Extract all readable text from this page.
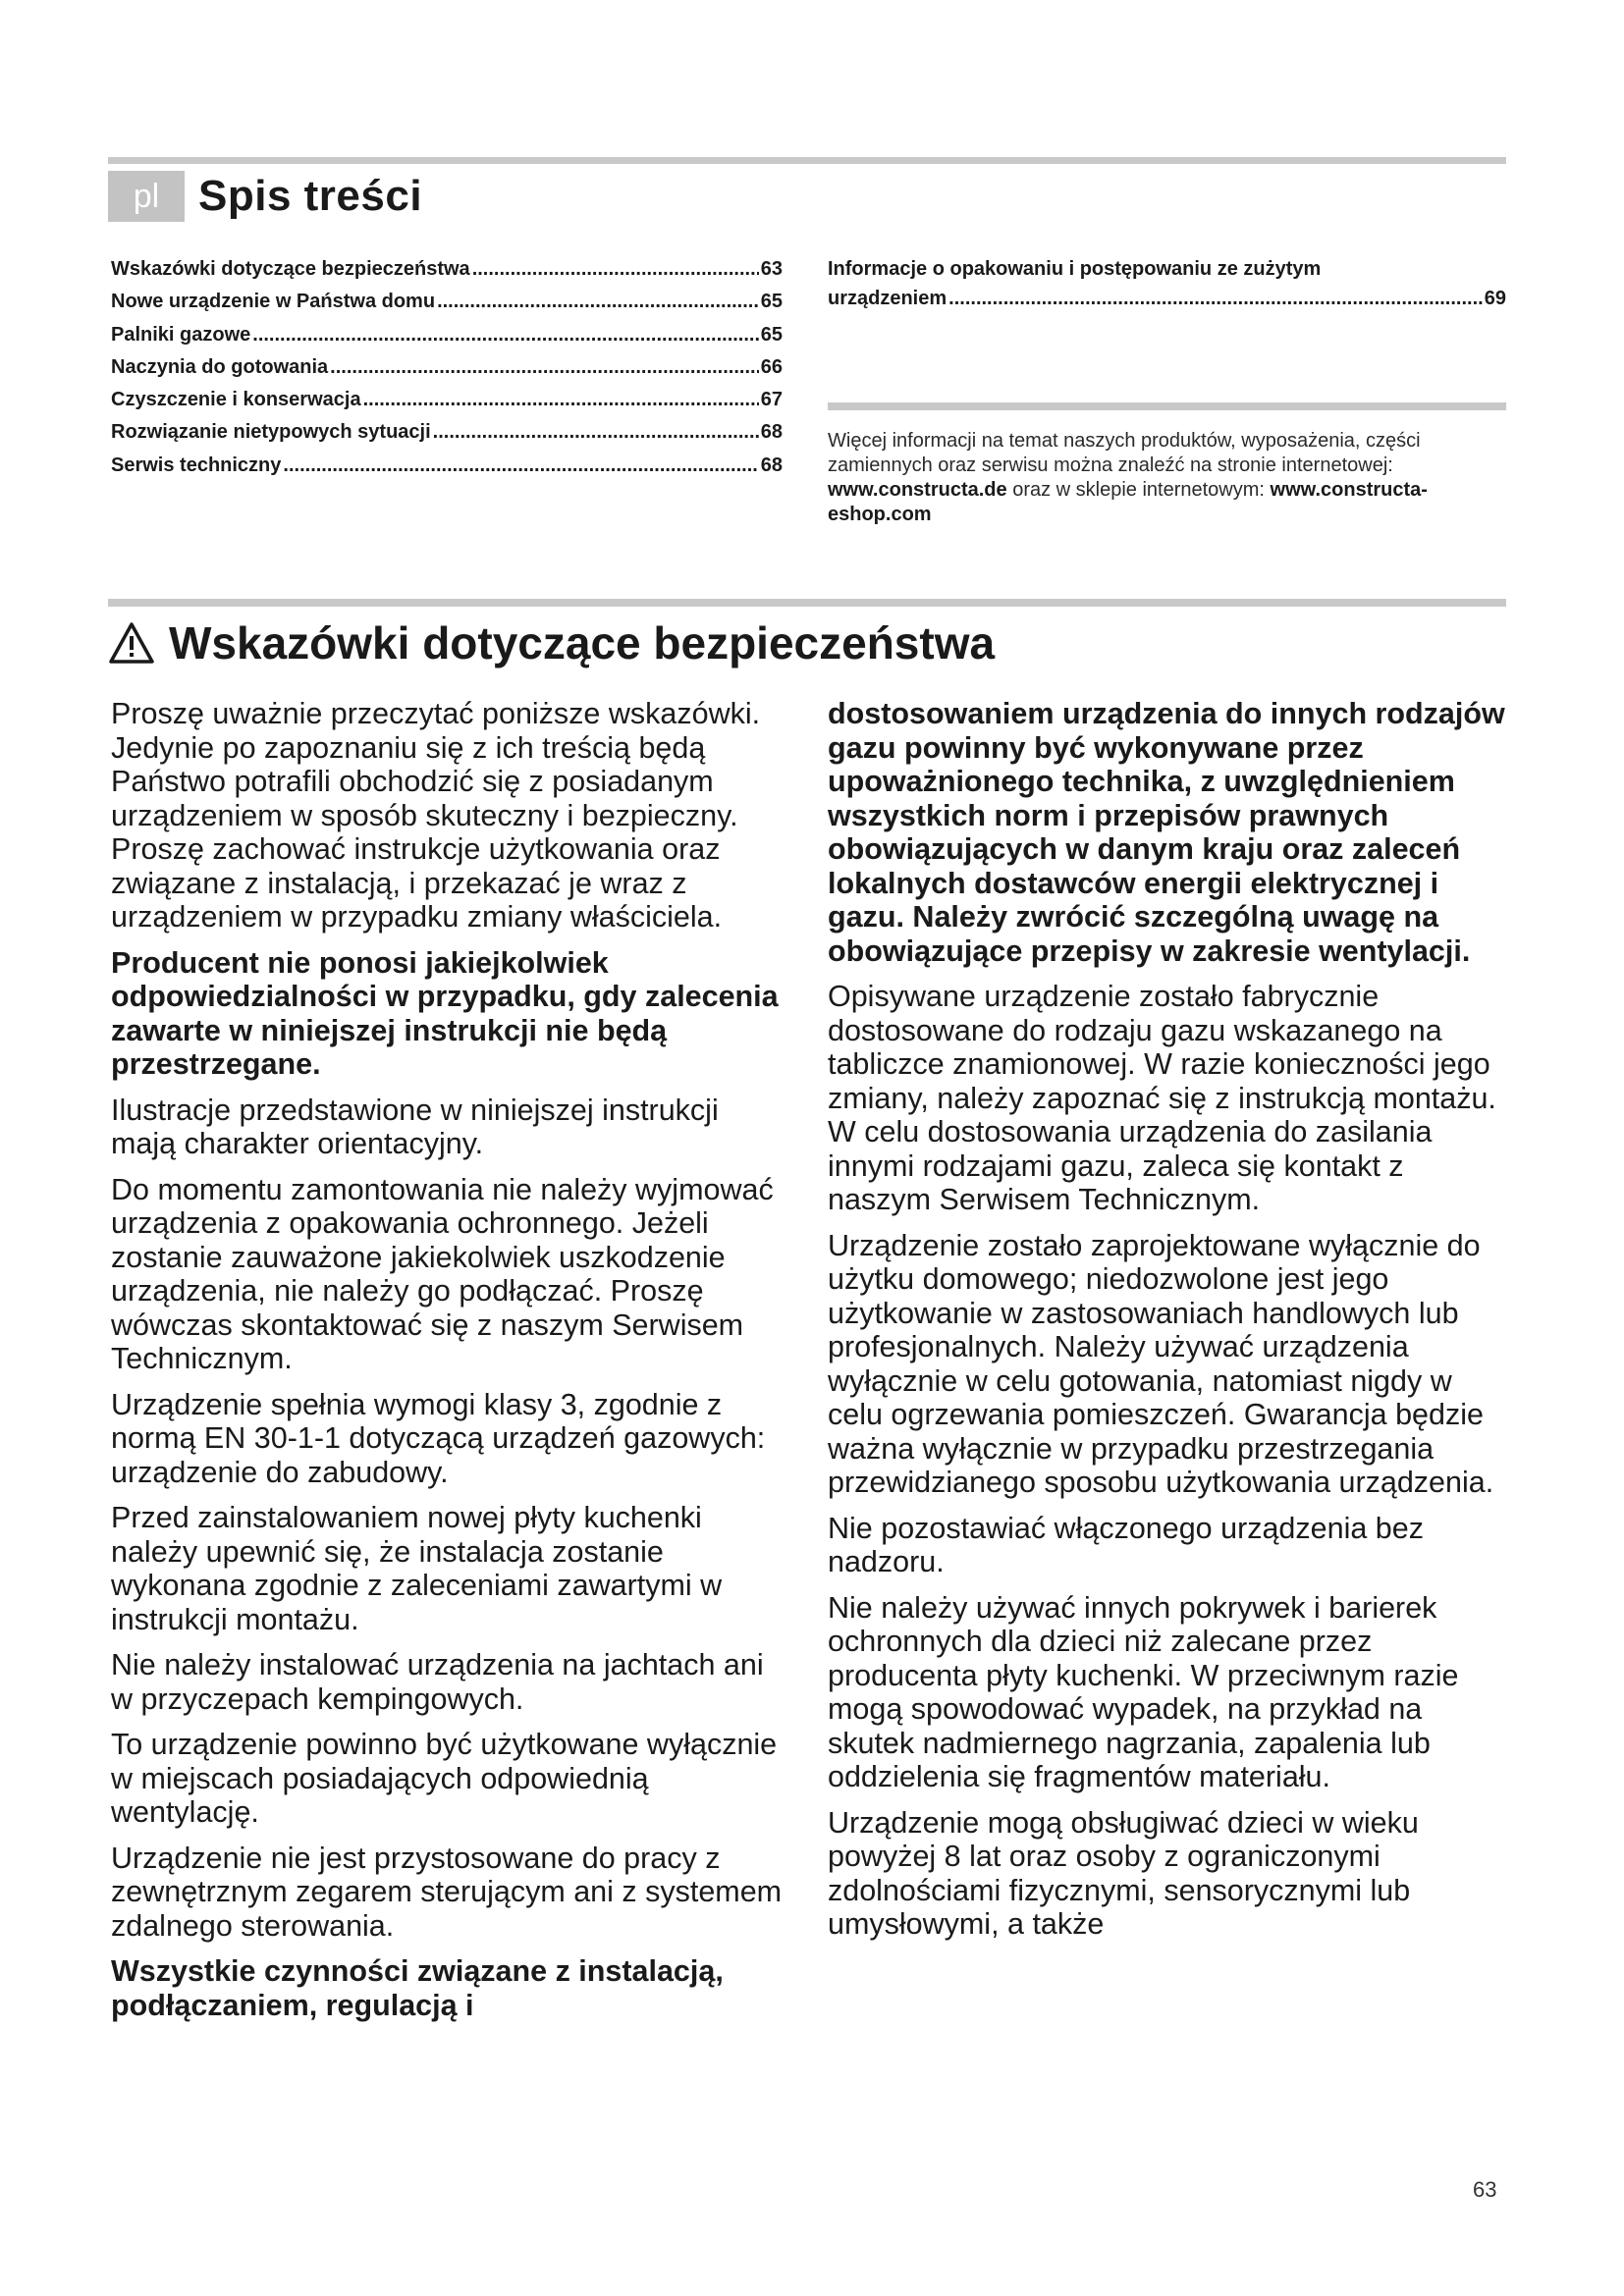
pl Spis treści
Wskazówki dotyczące bezpieczeństwa .....	63
Nowe urządzenie w Państwa domu .....	65
Palniki gazowe .....	65
Naczynia do gotowania .....	66
Czyszczenie i konserwacja .....	67
Rozwiązanie nietypowych sytuacji .....	68
Serwis techniczny .....	68
Informacje o opakowaniu i postępowaniu ze zużytym
urządzeniem .....	69
Więcej informacji na temat naszych produktów, wyposażenia, części zamiennych oraz serwisu można znaleźć na stronie internetowej: www.constructa.de oraz w sklepie internetowym: www.constructa-eshop.com
Wskazówki dotyczące bezpieczeństwa

Proszę uważnie przeczytać poniższe wskazówki. Jedynie po zapoznaniu się z ich treścią będą Państwo potrafili obchodzić się z posiadanym urządzeniem w sposób skuteczny i bezpieczny. Proszę zachować instrukcje użytkowania oraz związane z instalacją, i przekazać je wraz z urządzeniem w przypadku zmiany właściciela.

Producent nie ponosi jakiejkolwiek odpowiedzialności w przypadku, gdy zalecenia zawarte w niniejszej instrukcji nie będą przestrzegane.

Ilustracje przedstawione w niniejszej instrukcji mają charakter orientacyjny.

Do momentu zamontowania nie należy wyjmować urządzenia z opakowania ochronnego. Jeżeli zostanie zauważone jakiekolwiek uszkodzenie urządzenia, nie należy go podłączać. Proszę wówczas skontaktować się z naszym Serwisem Technicznym.

Urządzenie spełnia wymogi klasy 3, zgodnie z normą EN 30-1-1 dotyczącą urządzeń gazowych: urządzenie do zabudowy.

Przed zainstalowaniem nowej płyty kuchenki należy upewnić się, że instalacja zostanie wykonana zgodnie z zaleceniami zawartymi w instrukcji montażu.

Nie należy instalować urządzenia na jachtach ani w przyczepach kempingowych.

To urządzenie powinno być użytkowane wyłącznie w miejscach posiadających odpowiednią wentylację.

Urządzenie nie jest przystosowane do pracy z zewnętrznym zegarem sterującym ani z systemem zdalnego sterowania.

Wszystkie czynności związane z instalacją, podłączaniem, regulacją i

dostosowaniem urządzenia do innych rodzajów gazu powinny być wykonywane przez upoważnionego technika, z uwzględnieniem wszystkich norm i przepisów prawnych obowiązujących w danym kraju oraz zaleceń lokalnych dostawców energii elektrycznej i gazu. Należy zwrócić szczególną uwagę na obowiązujące przepisy w zakresie wentylacji.

Opisywane urządzenie zostało fabrycznie dostosowane do rodzaju gazu wskazanego na tabliczce znamionowej. W razie konieczności jego zmiany, należy zapoznać się z instrukcją montażu. W celu dostosowania urządzenia do zasilania innymi rodzajami gazu, zaleca się kontakt z naszym Serwisem Technicznym.

Urządzenie zostało zaprojektowane wyłącznie do użytku domowego; niedozwolone jest jego użytkowanie w zastosowaniach handlowych lub profesjonalnych. Należy używać urządzenia wyłącznie w celu gotowania, natomiast nigdy w celu ogrzewania pomieszczeń. Gwarancja będzie ważna wyłącznie w przypadku przestrzegania przewidzianego sposobu użytkowania urządzenia.

Nie pozostawiać włączonego urządzenia bez nadzoru.

Nie należy używać innych pokrywek i barierek ochronnych dla dzieci niż zalecane przez producenta płyty kuchenki. W przeciwnym razie mogą spowodować wypadek, na przykład na skutek nadmiernego nagrzania, zapalenia lub oddzielenia się fragmentów materiału.

Urządzenie mogą obsługiwać dzieci w wieku powyżej 8 lat oraz osoby z ograniczonymi zdolnościami fizycznymi, sensorycznymi lub umysłowymi, a także

63
